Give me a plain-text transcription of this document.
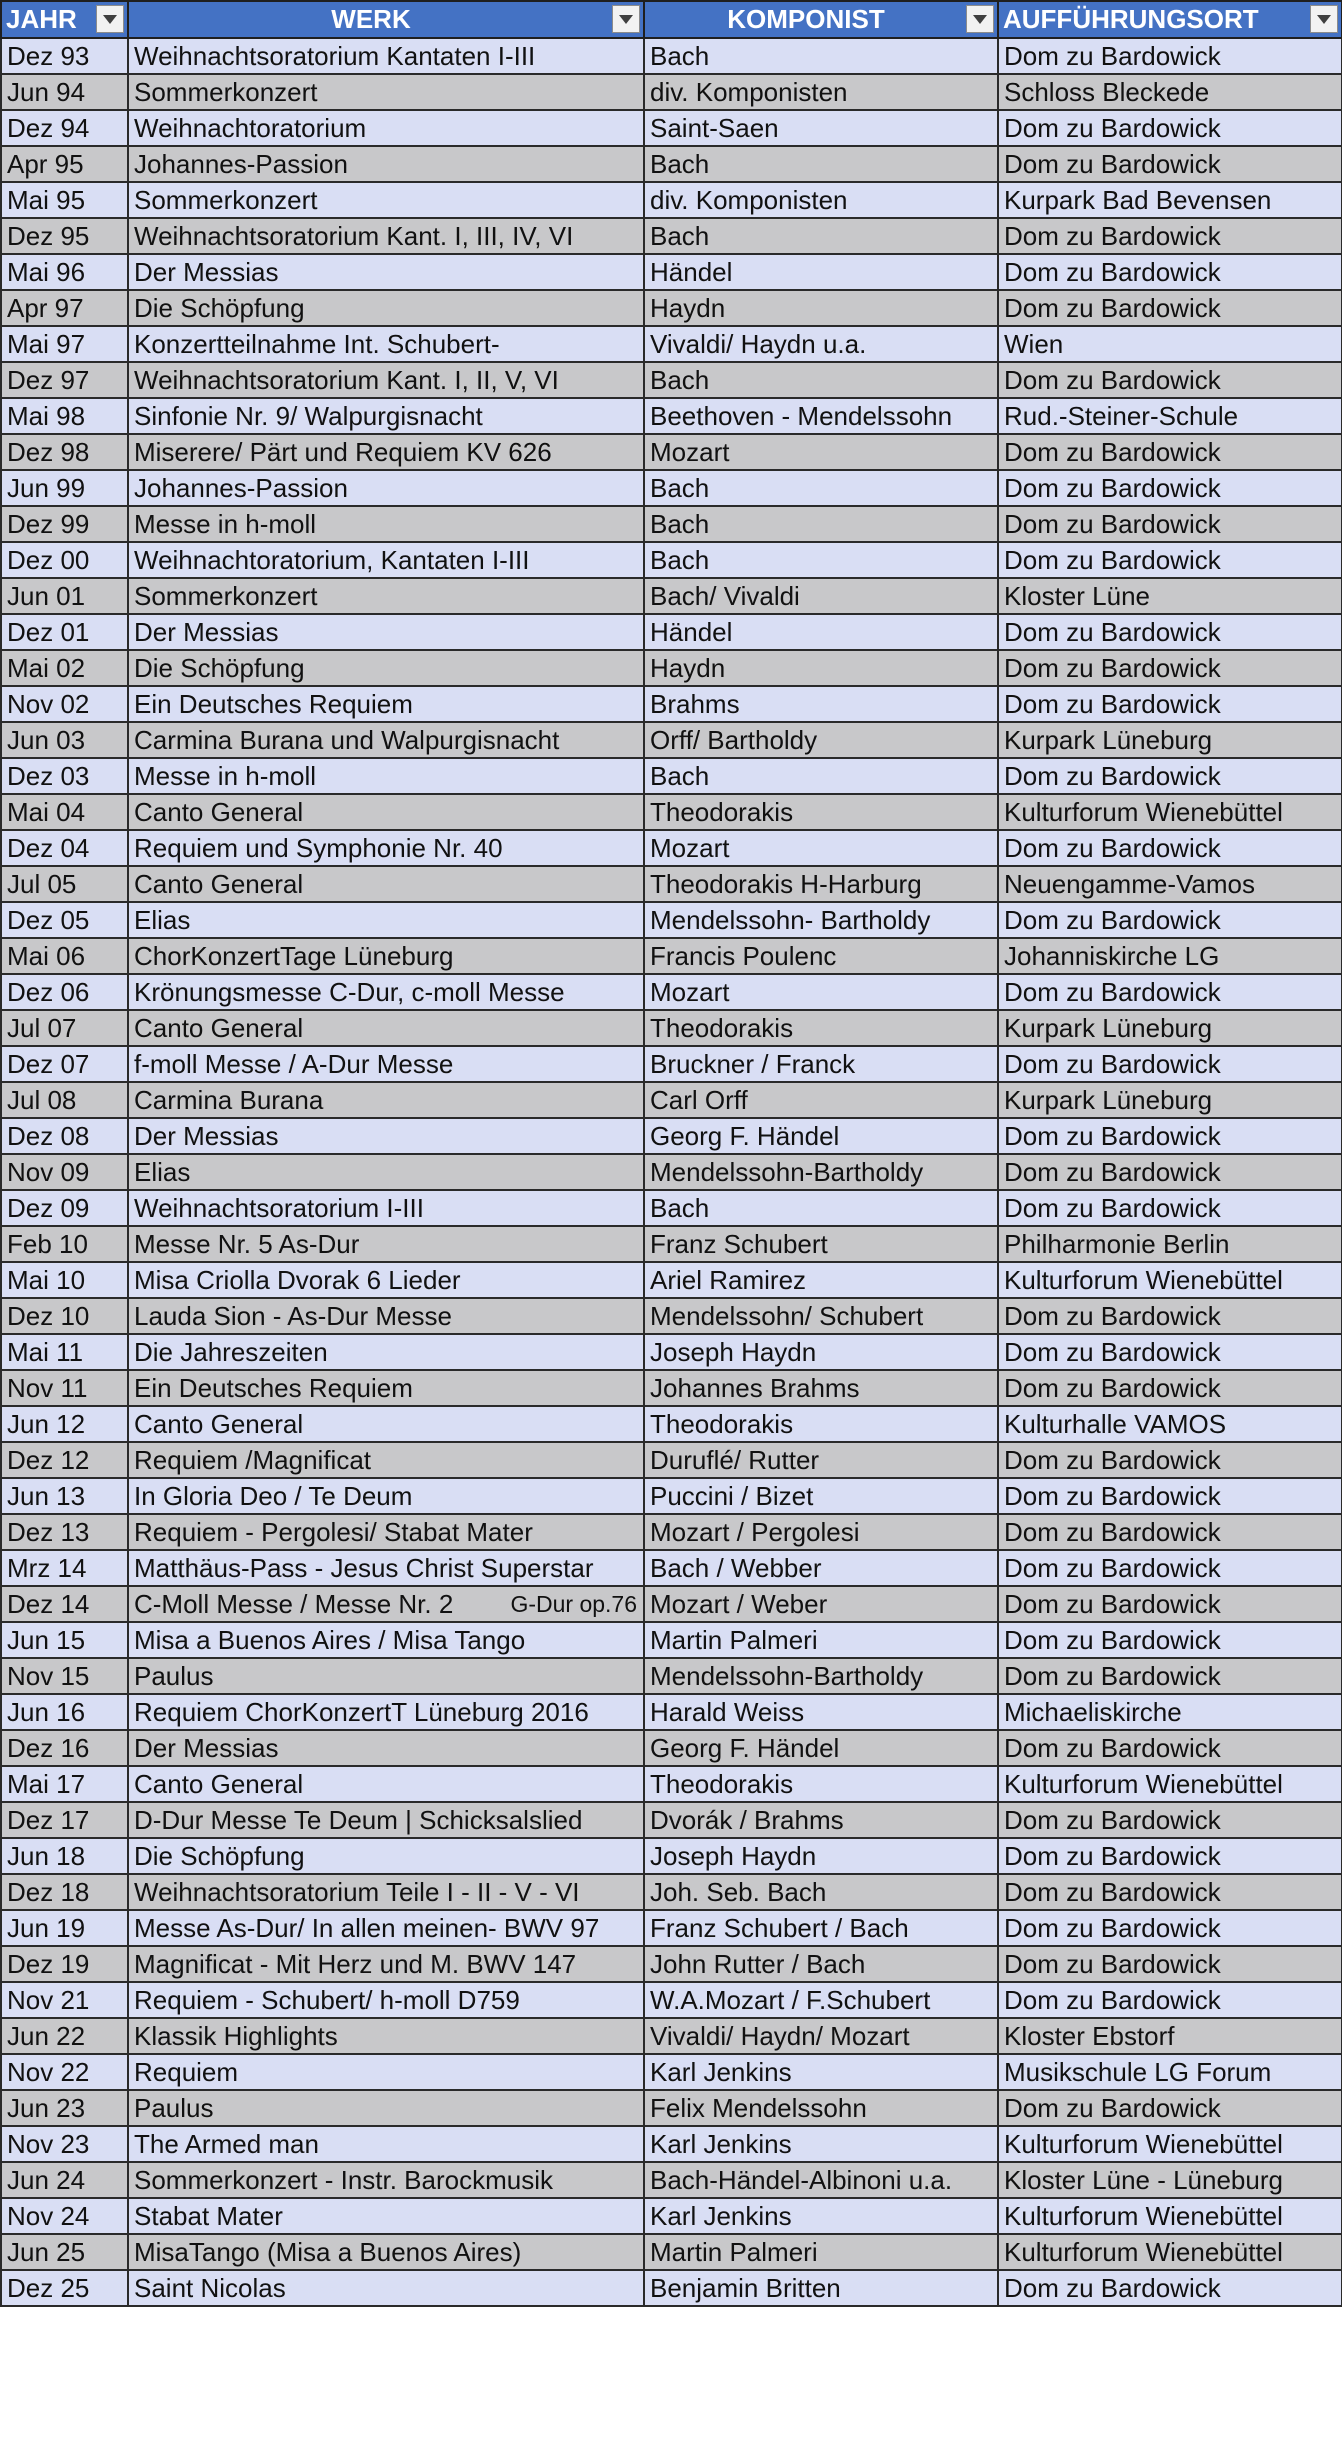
JAHR	WERK	KOMPONIST	AUFFÜHRUNGSORT

Dez 93	Weihnachtsoratorium Kantaten I-III	Bach	Dom zu Bardowick
Jun 94	Sommerkonzert	div. Komponisten	Schloss Bleckede
Dez 94	Weihnachtoratorium	Saint-Saen	Dom zu Bardowick
Apr 95	Johannes-Passion	Bach	Dom zu Bardowick
Mai 95	Sommerkonzert	div. Komponisten	Kurpark Bad Bevensen
Dez 95	Weihnachtsoratorium Kant. I, III, IV, VI	Bach	Dom zu Bardowick
Mai 96	Der Messias	Händel	Dom zu Bardowick
Apr 97	Die Schöpfung	Haydn	Dom zu Bardowick
Mai 97	Konzertteilnahme Int. Schubert-	Vivaldi/ Haydn u.a.	Wien
Dez 97	Weihnachtsoratorium Kant. I, II, V, VI	Bach	Dom zu Bardowick
Mai 98	Sinfonie Nr. 9/ Walpurgisnacht	Beethoven - Mendelssohn	Rud.-Steiner-Schule
Dez 98	Miserere/ Pärt und Requiem KV 626	Mozart	Dom zu Bardowick
Jun 99	Johannes-Passion	Bach	Dom zu Bardowick
Dez 99	Messe in h-moll	Bach	Dom zu Bardowick
Dez 00	Weihnachtoratorium, Kantaten I-III	Bach	Dom zu Bardowick
Jun 01	Sommerkonzert	Bach/ Vivaldi	Kloster Lüne
Dez 01	Der Messias	Händel	Dom zu Bardowick
Mai 02	Die Schöpfung	Haydn	Dom zu Bardowick
Nov 02	Ein Deutsches Requiem	Brahms	Dom zu Bardowick
Jun 03	Carmina Burana und Walpurgisnacht	Orff/ Bartholdy	Kurpark Lüneburg
Dez 03	Messe in h-moll	Bach	Dom zu Bardowick
Mai 04	Canto General	Theodorakis	Kulturforum Wienebüttel
Dez 04	Requiem und Symphonie Nr. 40	Mozart	Dom zu Bardowick
Jul 05	Canto General	Theodorakis H-Harburg	Neuengamme-Vamos
Dez 05	Elias	Mendelssohn- Bartholdy	Dom zu Bardowick
Mai 06	ChorKonzertTage Lüneburg	Francis Poulenc	Johanniskirche LG
Dez 06	Krönungsmesse C-Dur, c-moll Messe	Mozart	Dom zu Bardowick
Jul 07	Canto General	Theodorakis	Kurpark Lüneburg
Dez 07	f-moll Messe / A-Dur Messe	Bruckner / Franck	Dom zu Bardowick
Jul 08	Carmina Burana	Carl Orff	Kurpark Lüneburg
Dez 08	Der Messias	Georg F. Händel	Dom zu Bardowick
Nov 09	Elias	Mendelssohn-Bartholdy	Dom zu Bardowick
Dez 09	Weihnachtsoratorium I-III	Bach	Dom zu Bardowick
Feb 10	Messe Nr. 5 As-Dur	Franz Schubert	Philharmonie Berlin
Mai 10	Misa Criolla Dvorak 6 Lieder	Ariel Ramirez	Kulturforum Wienebüttel
Dez 10	Lauda Sion - As-Dur Messe	Mendelssohn/ Schubert	Dom zu Bardowick
Mai 11	Die Jahreszeiten	Joseph Haydn	Dom zu Bardowick
Nov 11	Ein Deutsches Requiem	Johannes Brahms	Dom zu Bardowick
Jun 12	Canto General	Theodorakis	Kulturhalle VAMOS
Dez 12	Requiem /Magnificat	Duruflé/ Rutter	Dom zu Bardowick
Jun 13	In Gloria Deo / Te Deum	Puccini / Bizet	Dom zu Bardowick
Dez 13	Requiem - Pergolesi/ Stabat Mater	Mozart / Pergolesi	Dom zu Bardowick
Mrz 14	Matthäus-Pass - Jesus Christ Superstar	Bach / Webber	Dom zu Bardowick
Dez 14	C-Moll Messe / Messe Nr. 2 G-Dur op.76	Mozart / Weber	Dom zu Bardowick
Jun 15	Misa a Buenos Aires / Misa Tango	Martin Palmeri	Dom zu Bardowick
Nov 15	Paulus	Mendelssohn-Bartholdy	Dom zu Bardowick
Jun 16	Requiem ChorKonzertT Lüneburg 2016	Harald Weiss	Michaeliskirche
Dez 16	Der Messias	Georg F. Händel	Dom zu Bardowick
Mai 17	Canto General	Theodorakis	Kulturforum Wienebüttel
Dez 17	D-Dur Messe Te Deum | Schicksalslied	Dvorák / Brahms	Dom zu Bardowick
Jun 18	Die Schöpfung	Joseph Haydn	Dom zu Bardowick
Dez 18	Weihnachtsoratorium Teile I - II - V - VI	Joh. Seb. Bach	Dom zu Bardowick
Jun 19	Messe As-Dur/ In allen meinen- BWV 97	Franz Schubert / Bach	Dom zu Bardowick
Dez 19	Magnificat - Mit Herz und M. BWV 147	John Rutter / Bach	Dom zu Bardowick
Nov 21	Requiem - Schubert/ h-moll D759	W.A.Mozart / F.Schubert	Dom zu Bardowick
Jun 22	Klassik Highlights	Vivaldi/ Haydn/ Mozart	Kloster Ebstorf
Nov 22	Requiem	Karl Jenkins	Musikschule LG Forum
Jun 23	Paulus	Felix Mendelssohn	Dom zu Bardowick
Nov 23	The Armed man	Karl Jenkins	Kulturforum Wienebüttel
Jun 24	Sommerkonzert - Instr. Barockmusik	Bach-Händel-Albinoni u.a.	Kloster Lüne - Lüneburg
Nov 24	Stabat Mater	Karl Jenkins	Kulturforum Wienebüttel
Jun 25	MisaTango (Misa a Buenos Aires)	Martin Palmeri	Kulturforum Wienebüttel
Dez 25	Saint Nicolas	Benjamin Britten	Dom zu Bardowick
